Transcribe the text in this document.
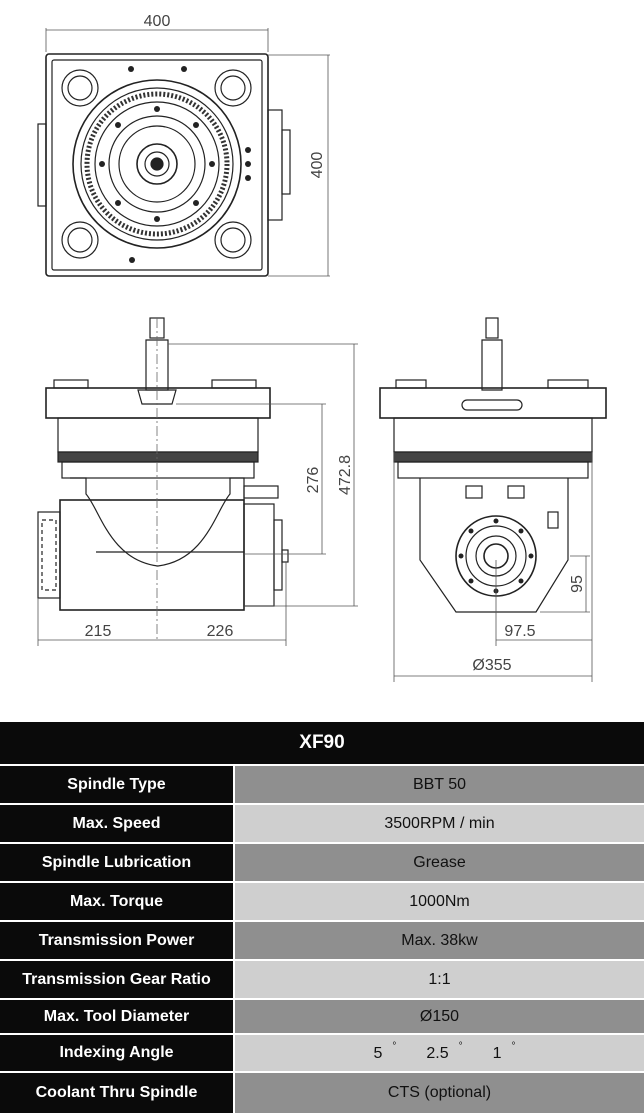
400
400
276 472.8
215	226
95
97.5
Ø355
XF90
Spindle Type	BBT 50
Max. Speed	3500RPM / min
Spindle Lubrication	Grease
Max. Torque	1000Nm
Transmission Power	Max. 38kw
Transmission Gear Ratio	1:1
Max. Tool Diameter	Ø150
Indexing Angle	5 °	2.5 °	1 °
Coolant Thru Spindle	CTS (optional)
